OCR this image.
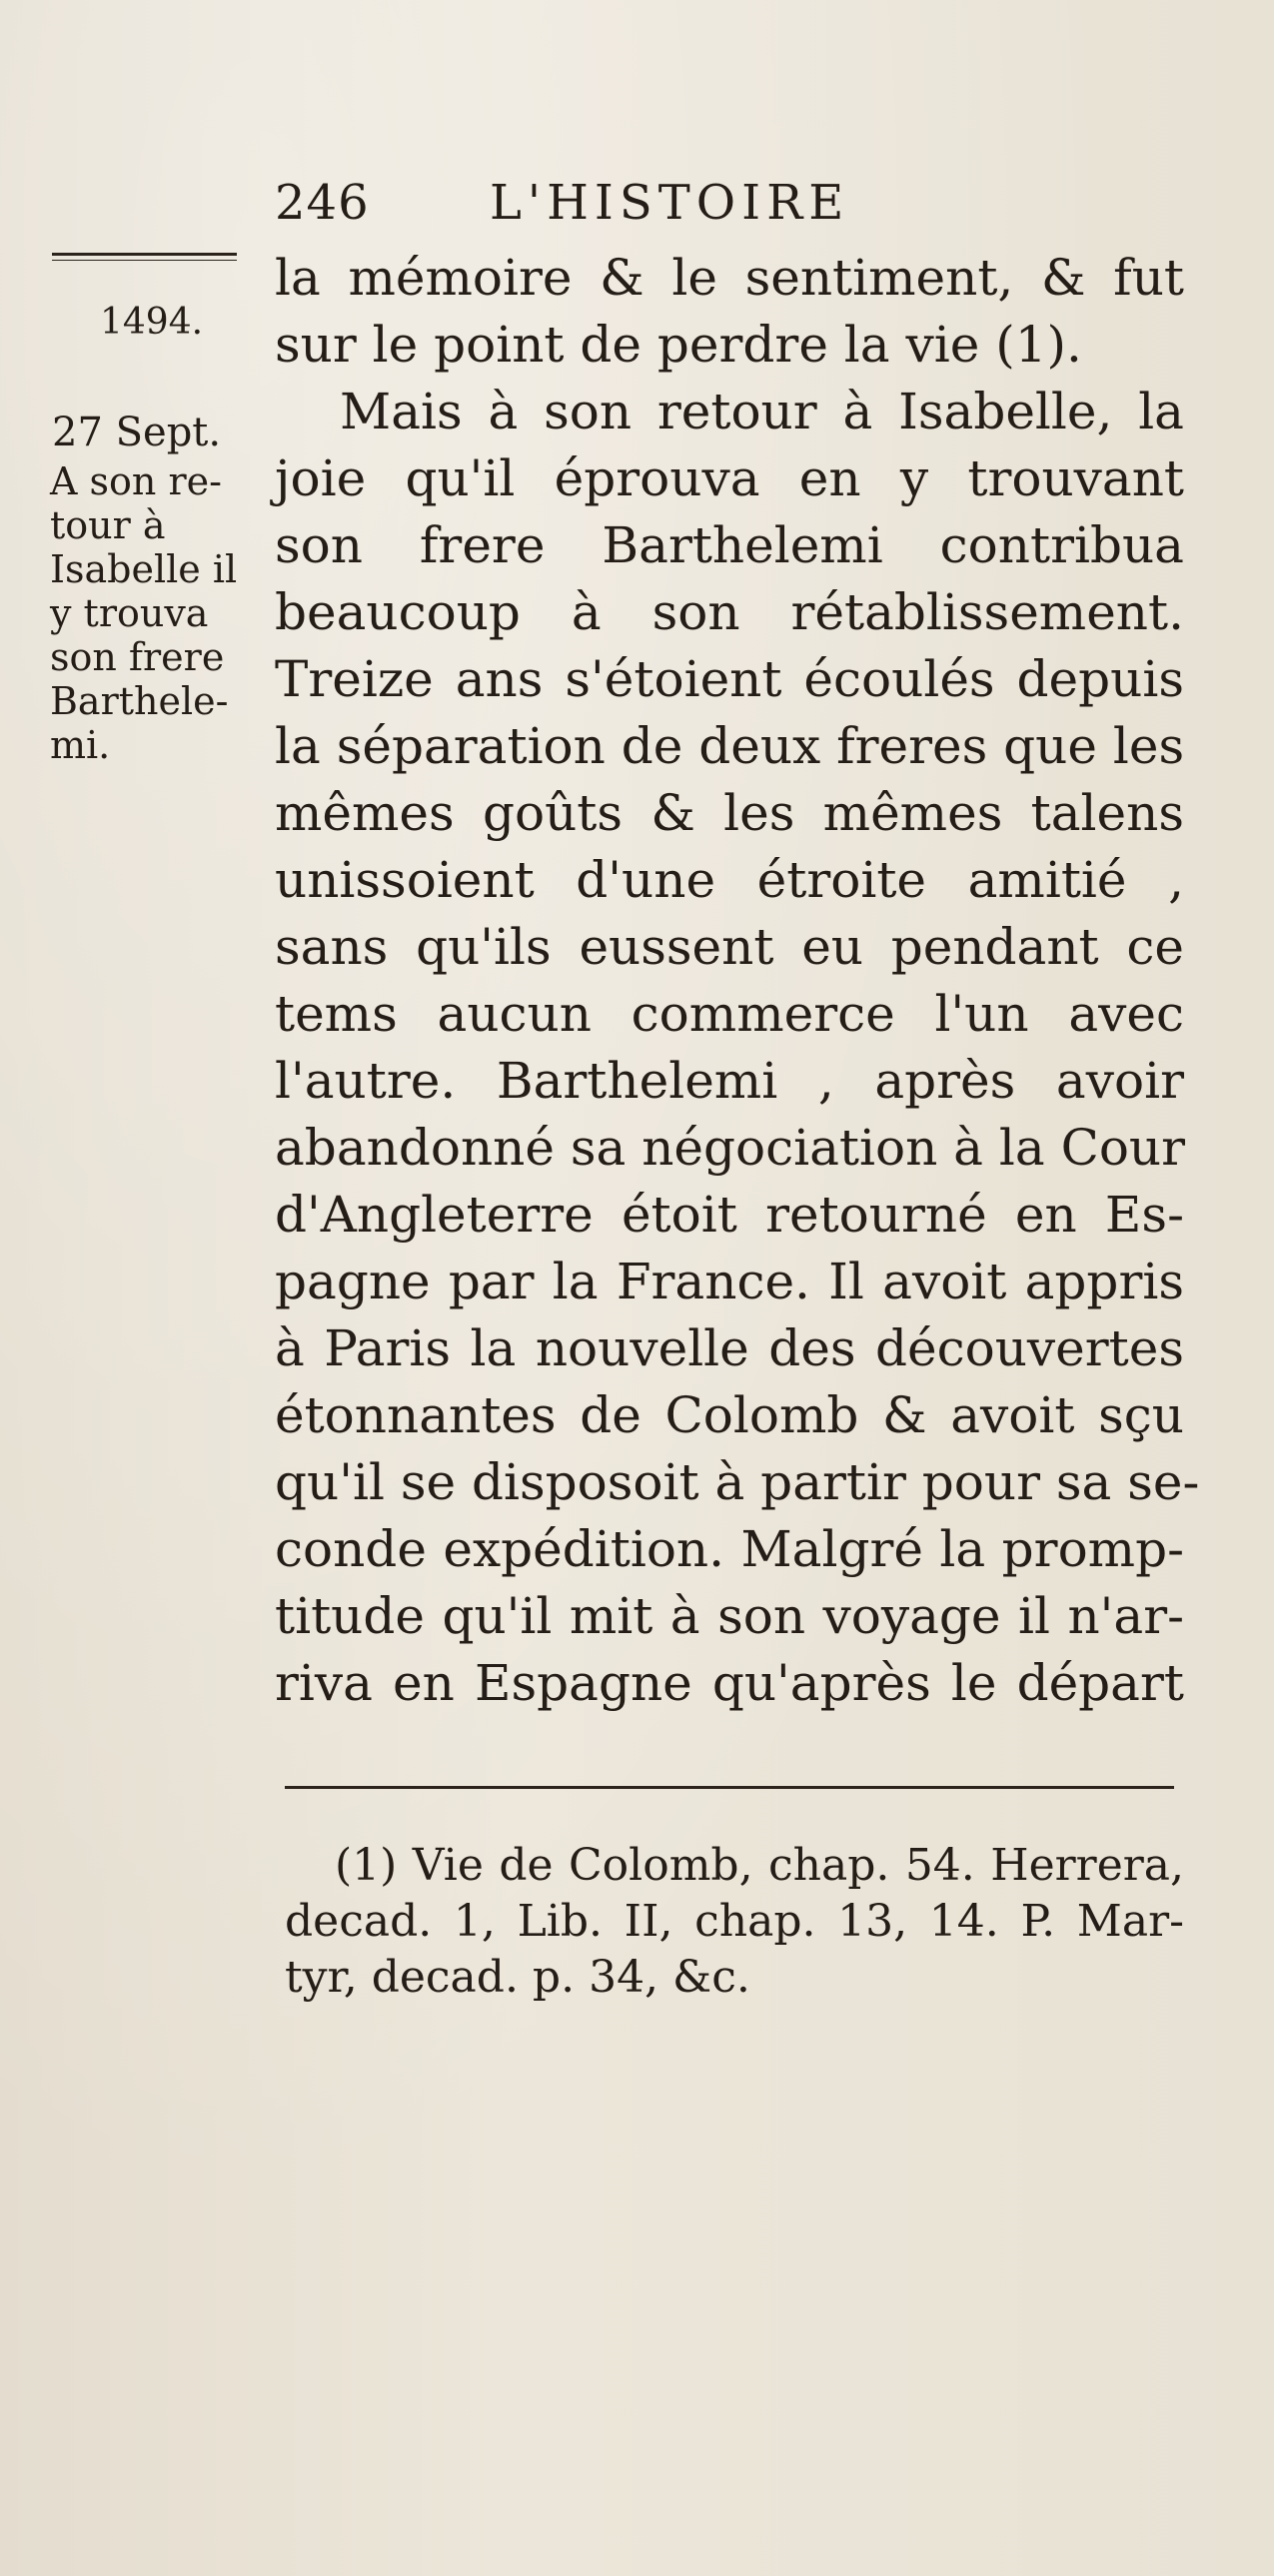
246	L'HISTOIRE
1494.
27 Sept.
A son re-
tour à
Isabelle il
y trouva
son frere
Barthele-
mi.
la mémoire & le sentiment, & fut
sur le point de perdre la vie (1).
Mais à son retour à Isabelle, la
joie qu'il éprouva en y trouvant
son frere Barthelemi contribua
beaucoup à son rétablissement.
Treize ans s'étoient écoulés depuis
la séparation de deux freres que les
mêmes goûts & les mêmes talens
unissoient d'une étroite amitié ,
sans qu'ils eussent eu pendant ce
tems aucun commerce l'un avec
l'autre. Barthelemi , après avoir
abandonné sa négociation à la Cour
d'Angleterre étoit retourné en Es-
pagne par la France. Il avoit appris
à Paris la nouvelle des découvertes
étonnantes de Colomb & avoit sçu
qu'il se disposoit à partir pour sa se-
conde expédition. Malgré la promp-
titude qu'il mit à son voyage il n'ar-
riva en Espagne qu'après le départ
(1) Vie de Colomb, chap. 54. Herrera,
decad. 1, Lib. II, chap. 13, 14. P. Mar-
tyr, decad. p. 34, &c.
